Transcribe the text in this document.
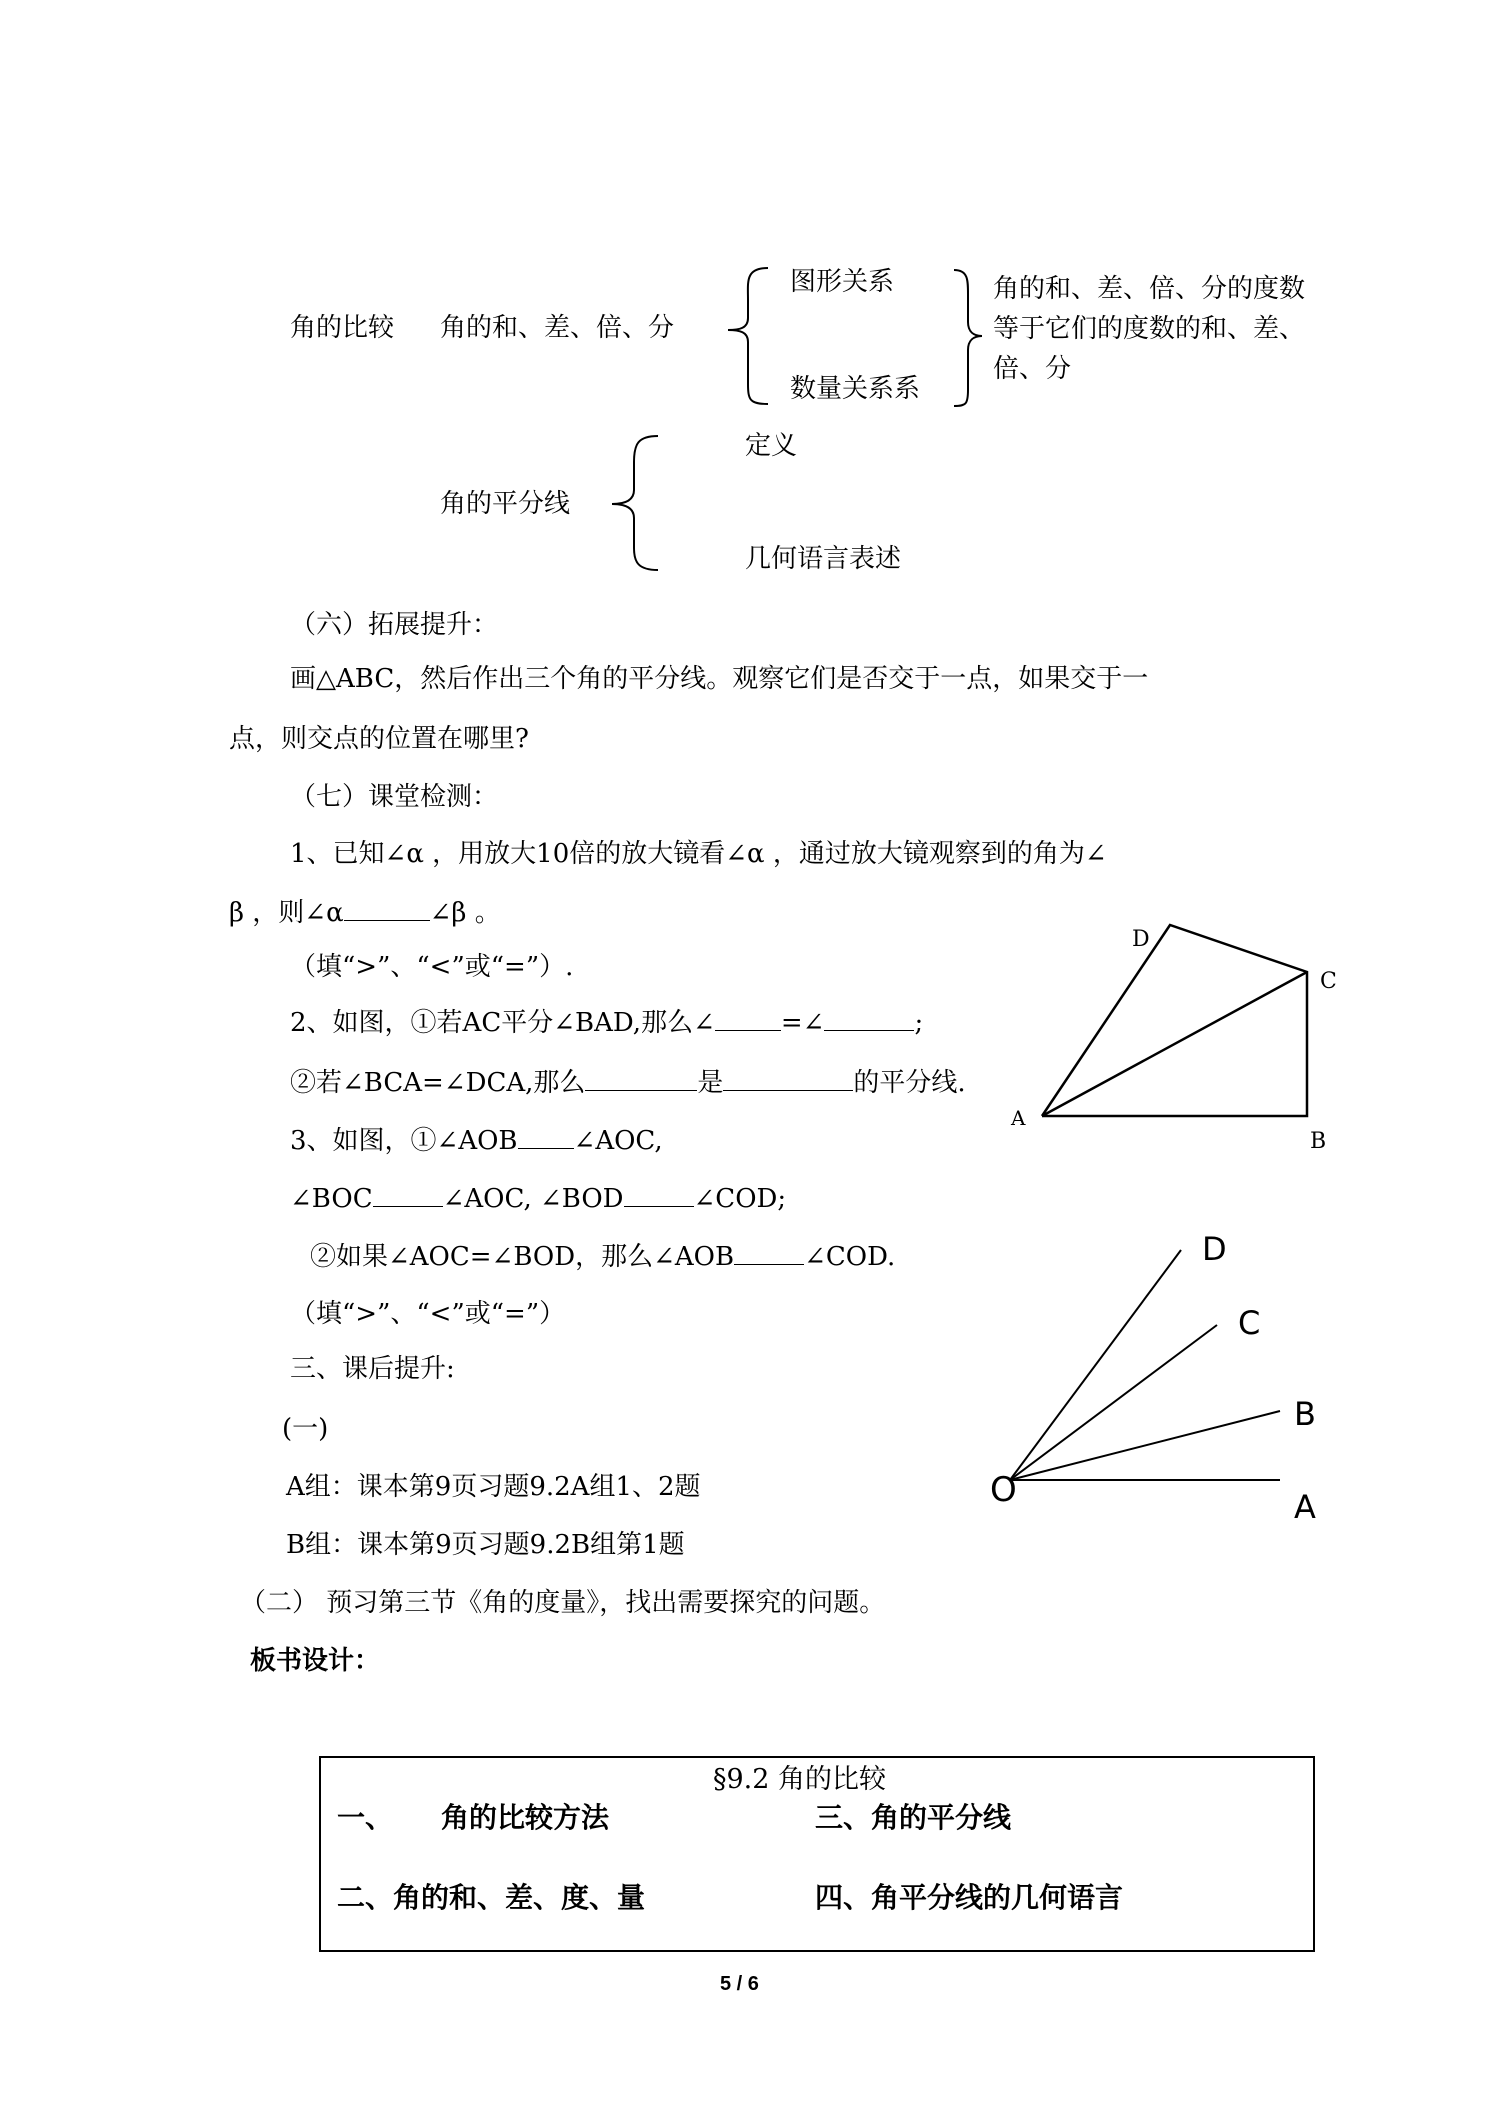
角的比较 角的和、差、倍、分
图形关系
数量关系系
角的和、差、倍、分的度数
等于它们的度数的和、差、
倍、分
角的平分线
定义
几何语言表述
（六）拓展提升：
画△ABC，然后作出三个角的平分线。观察它们是否交于一点，如果交于一
点，则交点的位置在哪里?
（七）课堂检测：
1、已知∠α ，用放大10倍的放大镜看∠α ，通过放大镜观察到的角为∠
β ，则∠α	∠β 。
（填“>”、“<”或“=”）.
2、如图，①若AC平分∠BAD,那么∠	=∠	;
②若∠BCA=∠DCA,那么	是	的平分线.
3、如图，①∠AOB ∠AOC,
∠BOC	∠AOC, ∠BOD	∠COD;
②如果∠AOC=∠BOD，那么∠AOB	∠COD.
（填“>”、“<”或“=”）
三、课后提升:
(一)
A组：课本第9页习题9.2A组1、2题
B组：课本第9页习题9.2B组第1题
（二） 预习第三节《角的度量》，找出需要探究的问题。
板书设计：
§9.2 角的比较
一、 角的比较方法	三、角的平分线
二、角的和、差、度、量	四、角平分线的几何语言
D
C
A
B
D
C
B
O	A
5 / 6
